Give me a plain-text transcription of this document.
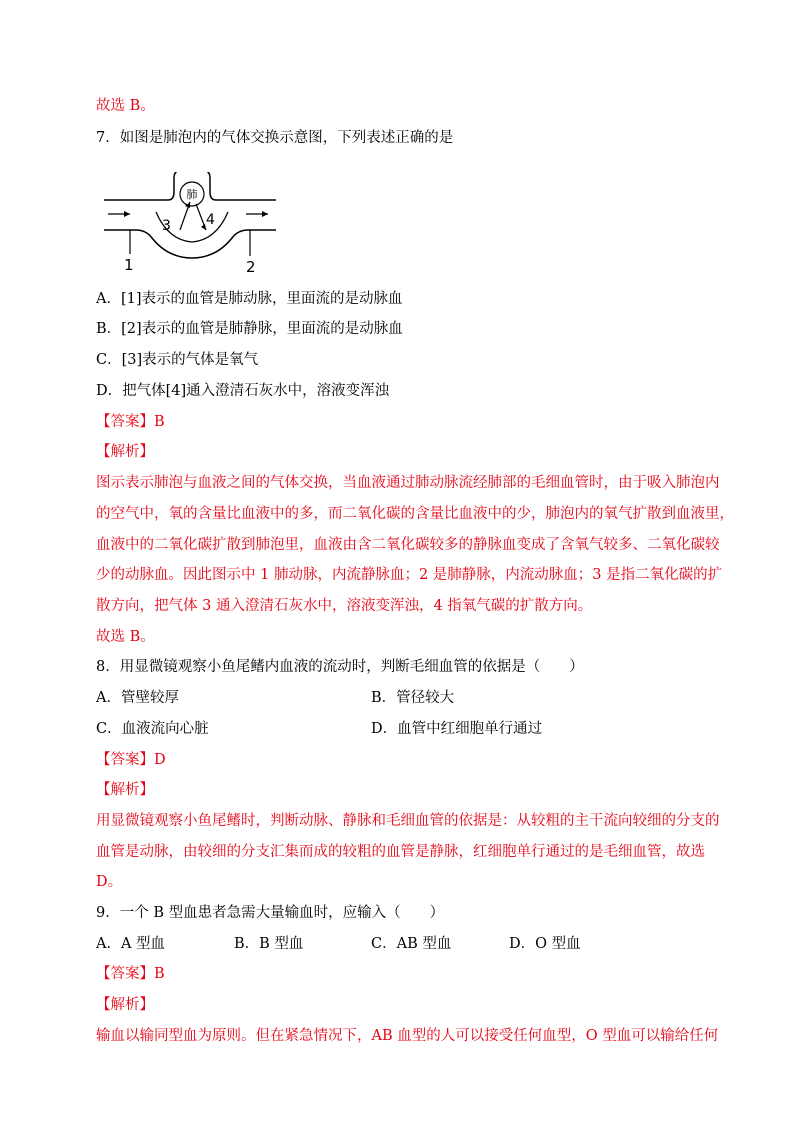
故选 B。
7．如图是肺泡内的气体交换示意图，下列表述正确的是
肺
3	4
1	2
A．[1]表示的血管是肺动脉，里面流的是动脉血
B．[2]表示的血管是肺静脉，里面流的是动脉血
C．[3]表示的气体是氧气
D．把气体[4]通入澄清石灰水中，溶液变浑浊
【答案】B
【解析】
图示表示肺泡与血液之间的气体交换，当血液通过肺动脉流经肺部的毛细血管时，由于吸入肺泡内
的空气中，氧的含量比血液中的多，而二氧化碳的含量比血液中的少，肺泡内的氧气扩散到血液里，
血液中的二氧化碳扩散到肺泡里，血液由含二氧化碳较多的静脉血变成了含氧气较多、二氧化碳较
少的动脉血。因此图示中 1 肺动脉，内流静脉血；2 是肺静脉，内流动脉血；3 是指二氧化碳的扩
散方向，把气体 3 通入澄清石灰水中，溶液变浑浊，4 指氧气碳的扩散方向。
故选 B。
8．用显微镜观察小鱼尾鳍内血液的流动时，判断毛细血管的依据是（　　）
A．管壁较厚	B．管径较大
C．血液流向心脏	D．血管中红细胞单行通过
【答案】D
【解析】
用显微镜观察小鱼尾鳍时，判断动脉、静脉和毛细血管的依据是：从较粗的主干流向较细的分支的
血管是动脉，由较细的分支汇集而成的较粗的血管是静脉，红细胞单行通过的是毛细血管，故选
D。
9．一个 B 型血患者急需大量输血时，应输入（　　）
A．A 型血	B．B 型血	C．AB 型血	D．O 型血
【答案】B
【解析】
输血以输同型血为原则。但在紧急情况下，AB 血型的人可以接受任何血型，O 型血可以输给任何
